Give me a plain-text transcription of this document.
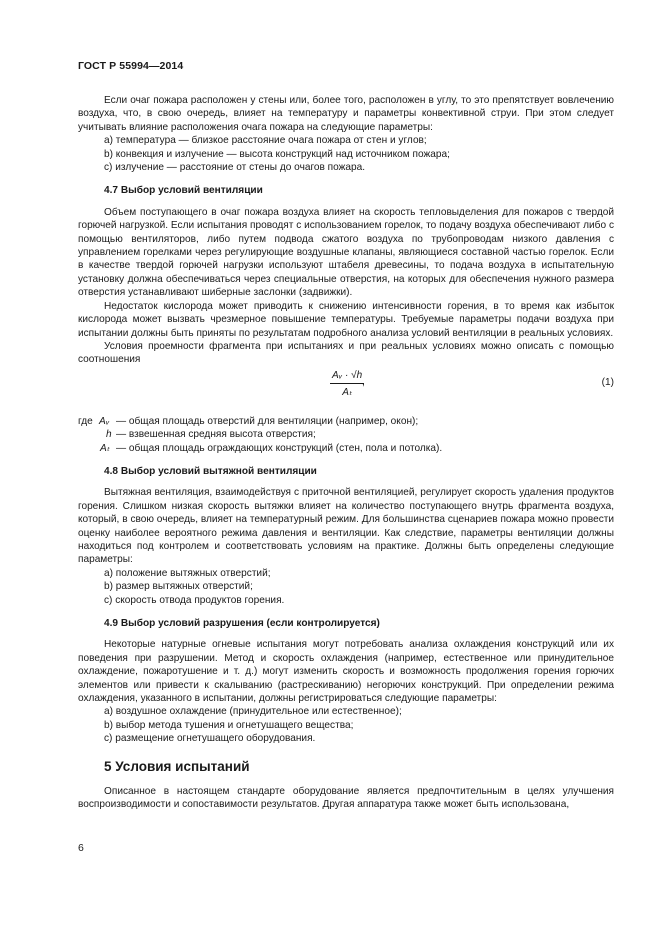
ГОСТ Р 55994—2014

Если очаг пожара расположен у стены или, более того, расположен в углу, то это препятствует вовлечению воздуха, что, в свою очередь, влияет на температуру и параметры конвективной струи. При этом следует учитывать влияние расположения очага пожара на следующие параметры:

а) температура — близкое расстояние очага пожара от стен и углов;
b) конвекция и излучение — высота конструкций над источником пожара;
c) излучение — расстояние от стены до очагов пожара.
4.7 Выбор условий вентиляции

Объем поступающего в очаг пожара воздуха влияет на скорость тепловыделения для пожаров с твердой горючей нагрузкой. Если испытания проводят с использованием горелок, то подачу воздуха обеспечивают либо с помощью вентиляторов, либо путем подвода сжатого воздуха по трубопроводам низкого давления с управлением горелками через регулирующие воздушные клапаны, являющиеся составной частью горелок. Если в качестве твердой горючей нагрузки используют штабеля древесины, то подача воздуха в испытательную установку должна обеспечиваться через специальные отверстия, на которых для обеспечения нужного размера отверстия устанавливают шиберные заслонки (задвижки).

Недостаток кислорода может приводить к снижению интенсивности горения, в то время как избыток кислорода может вызвать чрезмерное повышение температуры. Требуемые параметры подачи воздуха при испытании должны быть приняты по результатам подробного анализа условий вентиляции в реальных условиях.

Условия проемности фрагмента при испытаниях и при реальных условиях можно описать с помощью соотношения

$\frac{\text{Aᵥ · √h}}{\text{Aₜ}}$
,	(1)
где Aᵥ — общая площадь отверстий для вентиляции (например, окон);
h — взвешенная средняя высота отверстия;
Aₜ — общая площадь ограждающих конструкций (стен, пола и потолка).
4.8 Выбор условий вытяжной вентиляции

Вытяжная вентиляция, взаимодействуя с приточной вентиляцией, регулирует скорость удаления продуктов горения. Слишком низкая скорость вытяжки влияет на количество поступающего внутрь фрагмента воздуха, который, в свою очередь, влияет на температурный режим. Для большинства сценариев пожара можно провести оценку наиболее вероятного режима давления и вентиляции. Как следствие, параметры вентиляции должны находиться под контролем и соответствовать условиям на практике. Должны быть определены следующие параметры:

а) положение вытяжных отверстий;
b) размер вытяжных отверстий;
c) скорость отвода продуктов горения.
4.9 Выбор условий разрушения (если контролируется)

Некоторые натурные огневые испытания могут потребовать анализа охлаждения конструкций или их поведения при разрушении. Метод и скорость охлаждения (например, естественное или принудительное охлаждение, пожаротушение и т. д.) могут изменить скорость и возможность продолжения горения горючих элементов или привести к скалыванию (растрескиванию) негорючих конструкций. При определении режима охлаждения, указанного в испытании, должны регистрироваться следующие параметры:

а) воздушное охлаждение (принудительное или естественное);
b) выбор метода тушения и огнетушащего вещества;
c) размещение огнетушащего оборудования.
5 Условия испытаний

Описанное в настоящем стандарте оборудование является предпочтительным в целях улучшения воспроизводимости и сопоставимости результатов. Другая аппаратура также может быть использована,

6
